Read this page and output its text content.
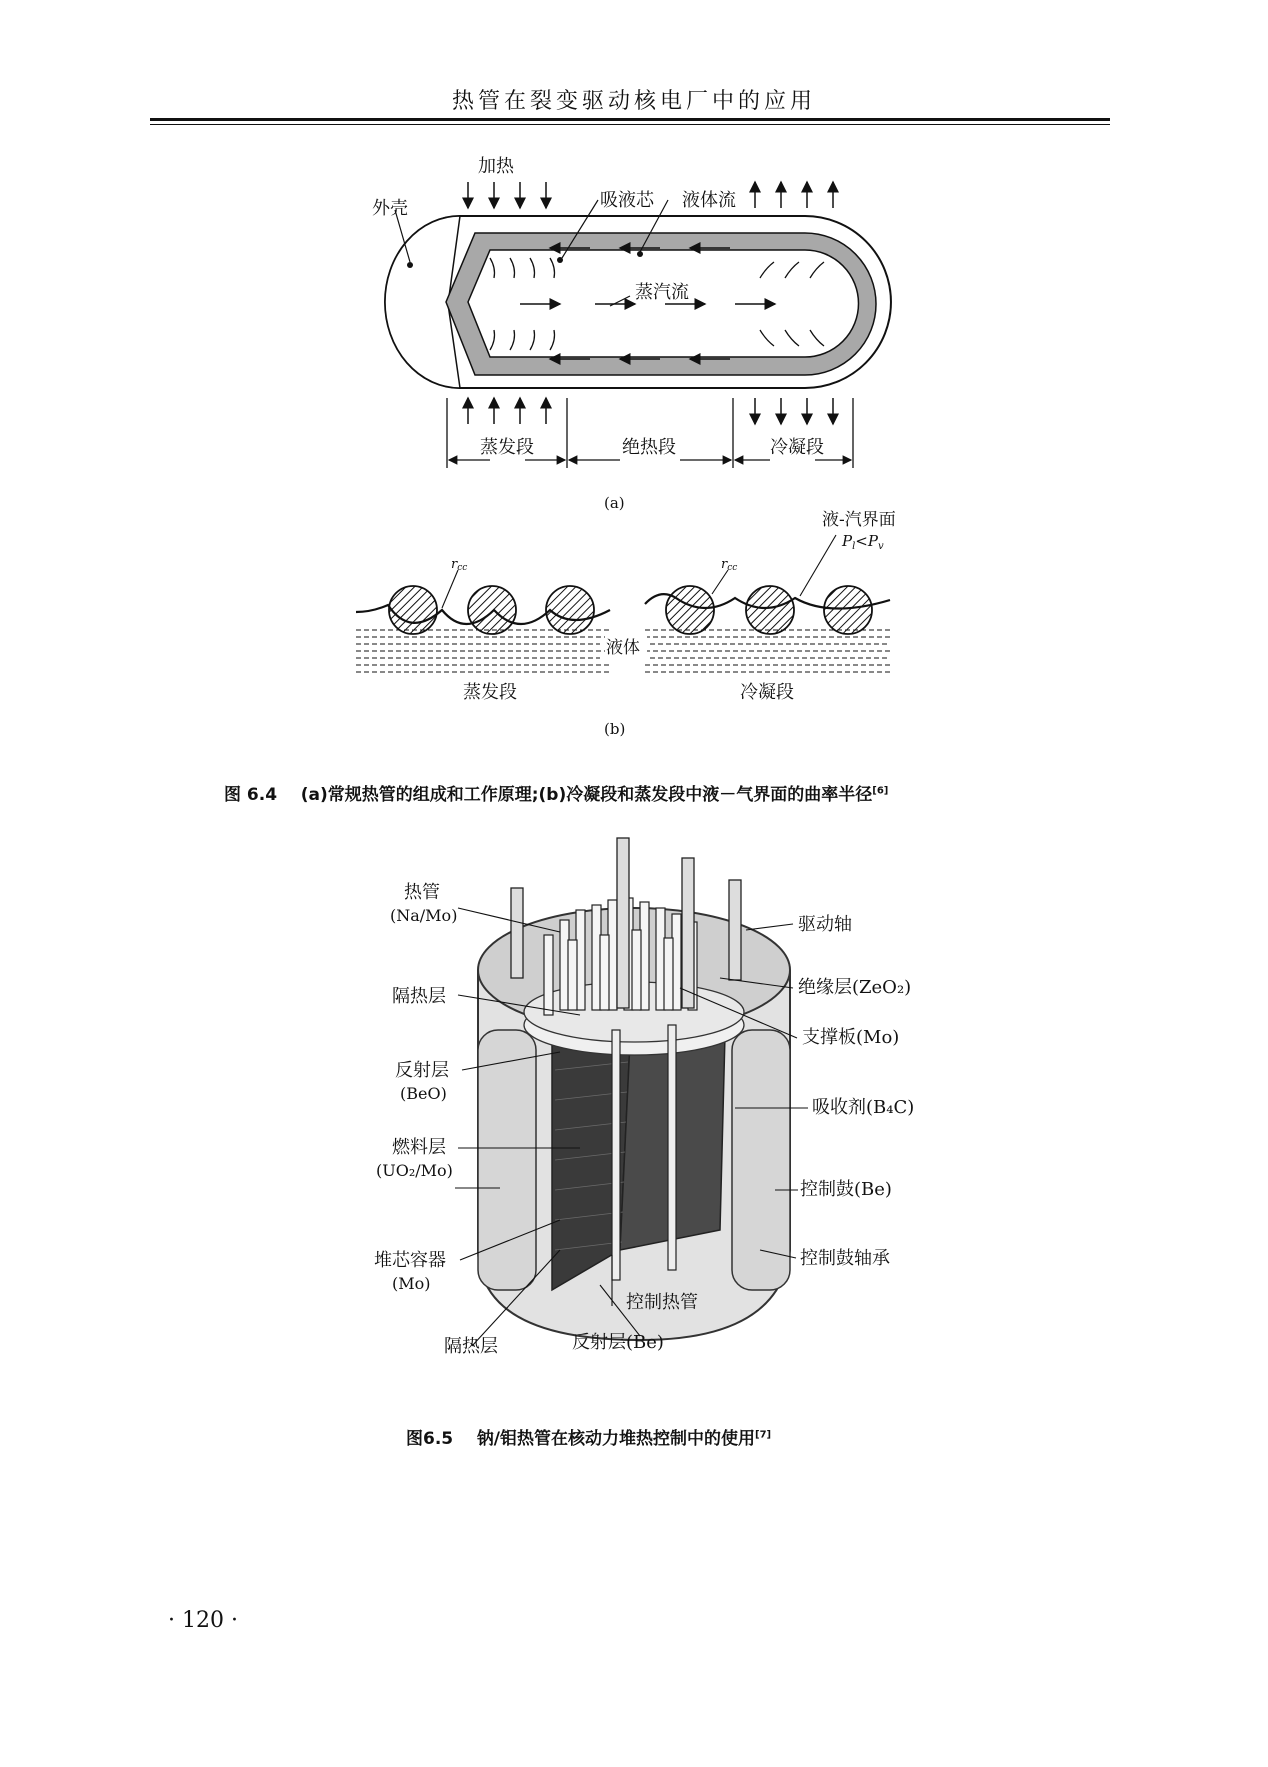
热管在裂变驱动核电厂中的应用
加热
外壳	吸液芯 液体流
蒸汽流
蒸发段	绝热段	冷凝段
(a)
rcc	rcc
液-汽界面
$P_l<P_v$
液体
蒸发段	冷凝段
(b)
图 6.4 (a)常规热管的组成和工作原理;(b)冷凝段和蒸发段中液－气界面的曲率半径[6]
热管
(Na/Mo)
隔热层
反射层
(BeO)
燃料层
(UO₂/Mo)
堆芯容器
(Mo)
隔热层	反射层(Be)
控制热管
驱动轴
绝缘层(ZeO₂)
支撑板(Mo)
吸收剂(B₄C)
控制鼓(Be)
控制鼓轴承
图6.5 钠/钼热管在核动力堆热控制中的使用[7]
· 120 ·
